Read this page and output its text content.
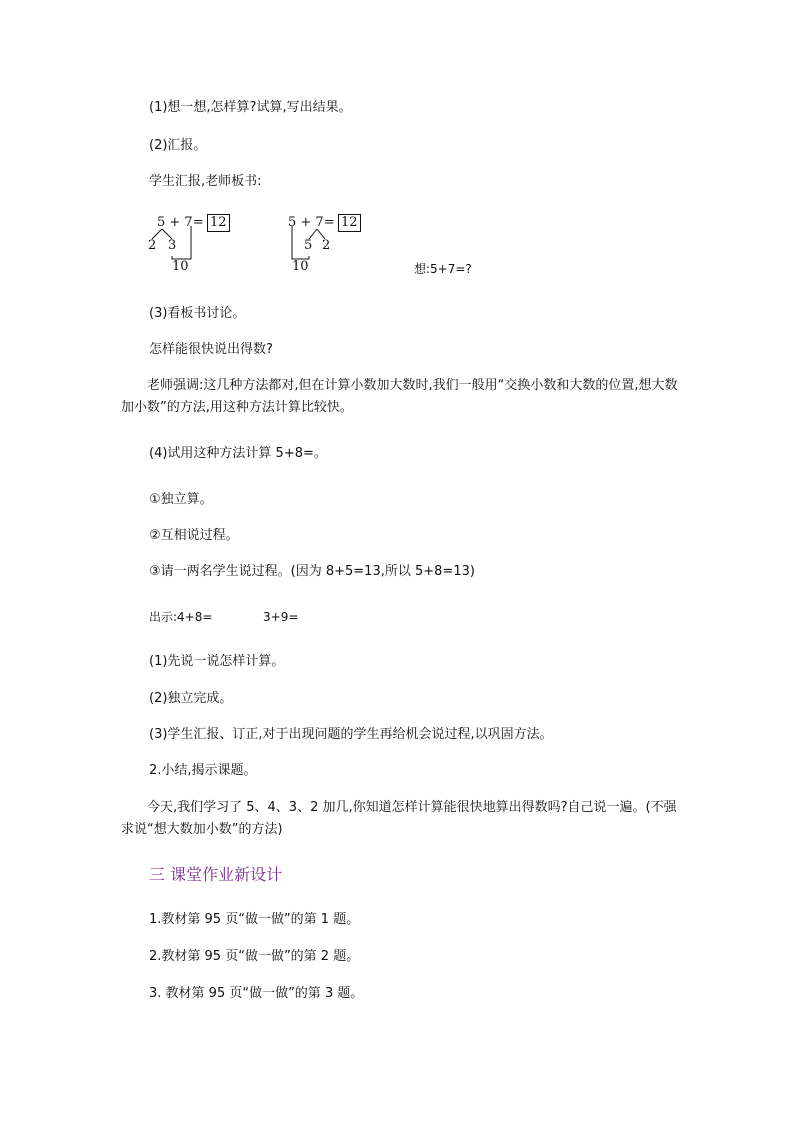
(1)想一想,怎样算?试算,写出结果。
(2)汇报。
学生汇报,老师板书:
5 + 7= 12
2 3
10
5 + 7= 12
5 2
10	想:5+7=?
(3)看板书讨论。
怎样能很快说出得数?
老师强调:这几种方法都对,但在计算小数加大数时,我们一般用“交换小数和大数的位置,想大数加小数”的方法,用这种方法计算比较快。
(4)试用这种方法计算 5+8=。
①独立算。
②互相说过程。
③请一两名学生说过程。(因为 8+5=13,所以 5+8=13)
出示:4+8=	3+9=
(1)先说一说怎样计算。
(2)独立完成。
(3)学生汇报、订正,对于出现问题的学生再给机会说过程,以巩固方法。
2.小结,揭示课题。
今天,我们学习了 5、4、3、2 加几,你知道怎样计算能很快地算出得数吗?自己说一遍。(不强求说“想大数加小数”的方法)
三 课堂作业新设计
1.教材第 95 页“做一做”的第 1 题。
2.教材第 95 页“做一做”的第 2 题。
3. 教材第 95 页“做一做”的第 3 题。
